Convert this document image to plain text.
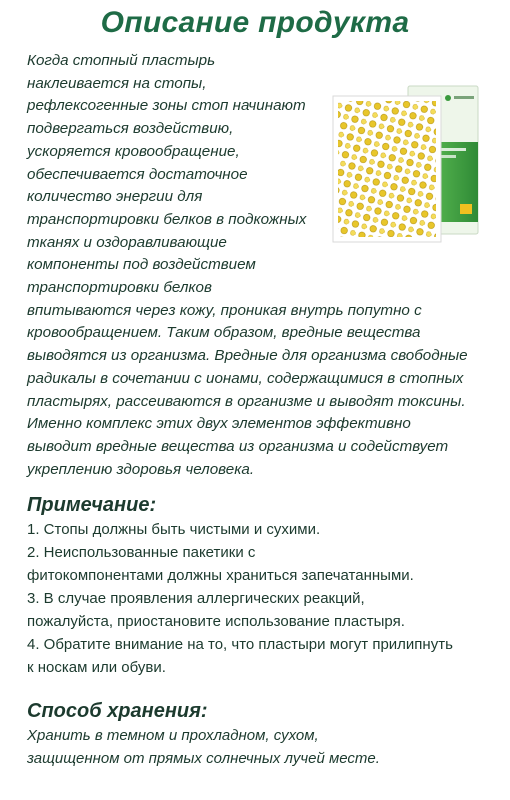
Описание продукта
Когда стопный пластырь
наклеивается на стопы,
рефлексогенные зоны стоп начинают
подвергаться воздействию,
ускоряется кровообращение,
обеспечивается достаточное
количество энергии для
транспортировки белков в подкожных
тканях и оздоравливающие
компоненты под воздействием
транспортировки белков
впитываются через кожу, проникая внутрь попутно с
кровообращением. Таким образом, вредные вещества
выводятся из организма. Вредные для организма свободные
радикалы в сочетании с ионами, содержащимися в стопных
пластырях, рассеиваются в организме и выводят токсины.
Именно комплекс этих двух элементов эффективно
выводит вредные вещества из организма и содействует
укреплению здоровья человека.
Примечание:
1. Стопы должны быть чистыми и сухими.
2. Неиспользованные пакетики с
фитокомпонентами должны храниться запечатанными.
3. В случае проявления аллергических реакций,
пожалуйста, приостановите использование пластыря.
4. Обратите внимание на то, что пластыри могут прилипнуть
к носкам или обуви.
Способ хранения:
Хранить в темном и прохладном, сухом,
защищенном от прямых солнечных лучей месте.
